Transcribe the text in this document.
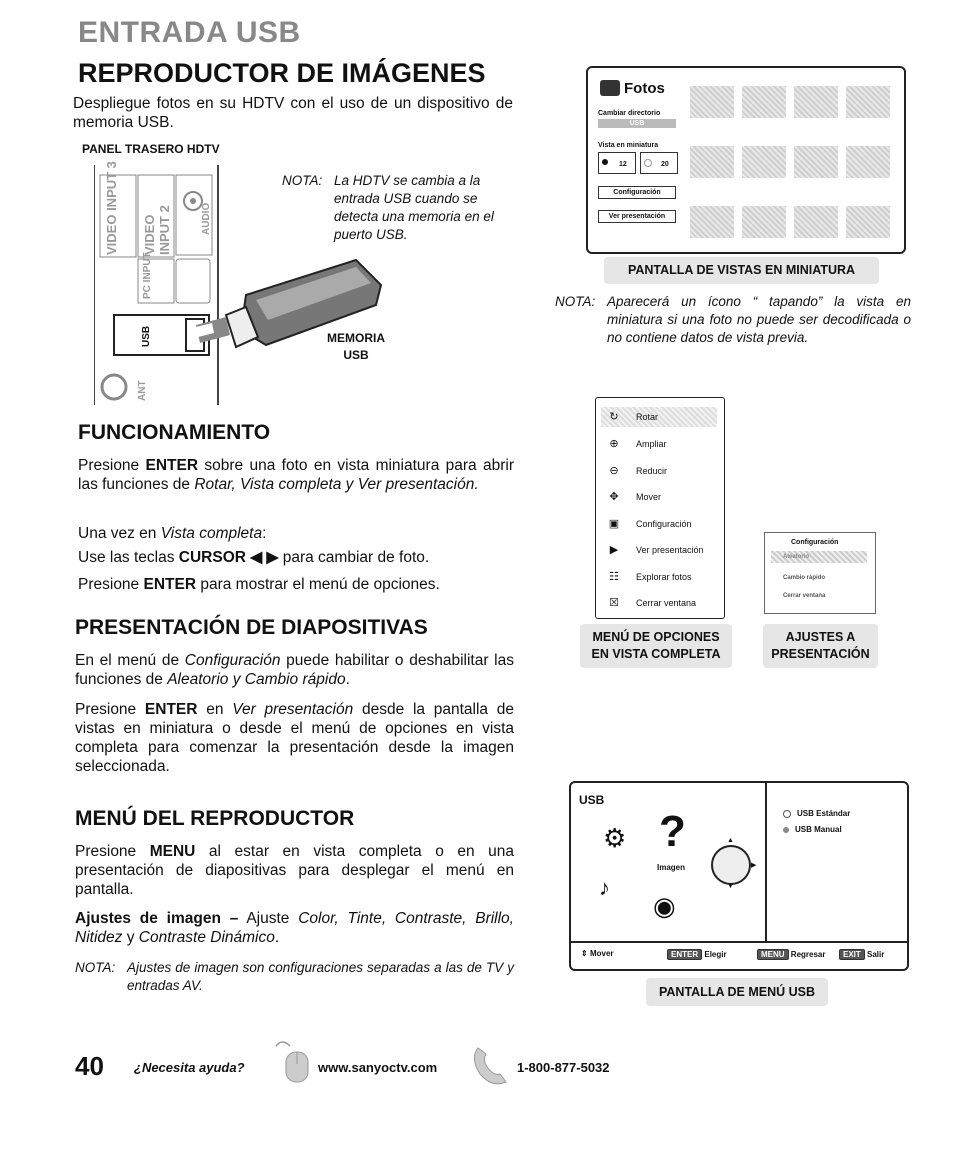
ENTRADA USB
REPRODUCTOR DE IMÁGENES
Despliegue fotos en su HDTV con el uso de un dispositivo de memoria USB.
PANEL TRASERO HDTV
VIDEO INPUT 3 VIDEO INPUT 2	AUDIO
PC INPUT
USB
ANT
MEMORIA
USB
NOTA: La HDTV se cambia a la entrada USB cuando se detecta una memoria en el puerto USB.
Fotos
Cambiar directorio
USB
Vista en miniatura
12	20
Configuración
Ver presentación
PANTALLA DE VISTAS EN MINIATURA
NOTA: Aparecerá un ícono “ tapando” la vista en miniatura si una foto no puede ser decodificada o no contiene datos de vista previa.
↻	Rotar
⊕	Ampliar
⊖	Reducir
✥	Mover
▣	Configuración
▶	Ver presentación
☷	Explorar fotos
☒	Cerrar ventana
MENÚ DE OPCIONES
EN VISTA COMPLETA
Configuración
Aleatorio
Cambio rápido
Cerrar ventana
AJUSTES A
PRESENTACIÓN
FUNCIONAMIENTO
Presione ENTER sobre una foto en vista miniatura para abrir las funciones de Rotar, Vista completa y Ver presentación.
Una vez en Vista completa:
Use las teclas CURSOR ◀ ▶ para cambiar de foto.
Presione ENTER para mostrar el menú de opciones.
PRESENTACIÓN DE DIAPOSITIVAS
En el menú de Configuración puede habilitar o deshabilitar las funciones de Aleatorio y Cambio rápido.
Presione ENTER en Ver presentación desde la pantalla de vistas en miniatura o desde el menú de opciones en vista completa para comenzar la presentación desde la imagen seleccionada.
MENÚ DEL REPRODUCTOR
Presione MENU al estar en vista completa o en una presentación de diapositivas para desplegar el menú en pantalla.
Ajustes de imagen – Ajuste Color, Tinte, Contraste, Brillo, Nitidez y Contraste Dinámico.
NOTA: Ajustes de imagen son configuraciones separadas a las de TV y entradas AV.
USB
⚙ ?
Imagen
▲
▼
▶
♪
◉
USB Estándar
USB Manual
⇕ Mover	ENTER Elegir	MENU Regresar	EXIT Salir
PANTALLA DE MENÚ USB
40 ¿Necesita ayuda?	www.sanyoctv.com	1-800-877-5032
